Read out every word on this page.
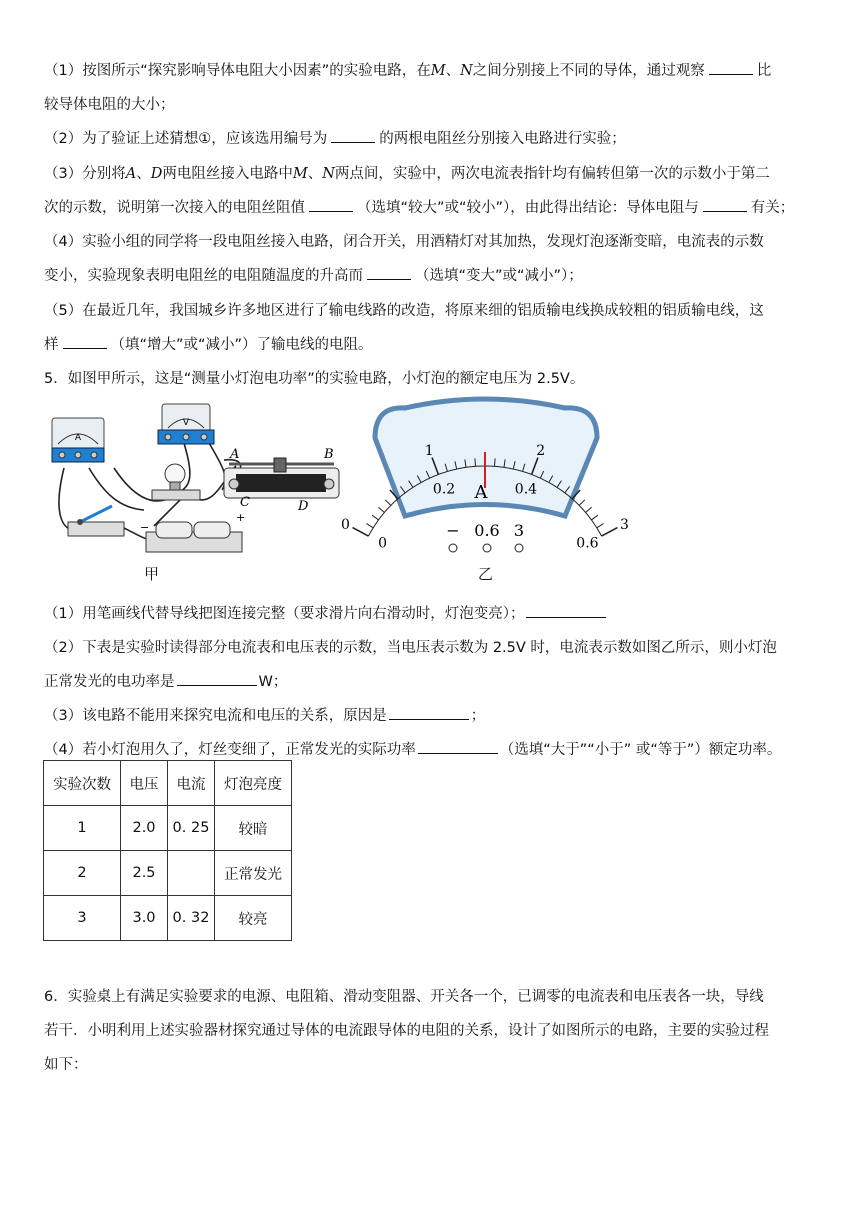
（1）按图所示“探究影响导体电阻大小因素”的实验电路，在M、N之间分别接上不同的导体，通过观察	比

较导体电阻的大小；

（2）为了验证上述猜想①，应该选用编号为	的两根电阻丝分别接入电路进行实验；

（3）分别将A、D两电阻丝接入电路中M、N两点间，实验中，两次电流表指针均有偏转但第一次的示数小于第二

次的示数，说明第一次接入的电阻丝阻值	（选填“较大”或“较小”），由此得出结论：导体电阻与	有关；

（4）实验小组的同学将一段电阻丝接入电路，闭合开关，用酒精灯对其加热，发现灯泡逐渐变暗，电流表的示数

变小，实验现象表明电阻丝的电阻随温度的升高而	（选填“变大”或“减小”）；

（5）在最近几年，我国城乡许多地区进行了输电线路的改造，将原来细的铝质输电线换成较粗的铝质输电线，这

样	（填“增大”或“减小”）了输电线的电阻。

5．如图甲所示，这是“测量小灯泡电功率”的实验电路，小灯泡的额定电压为 2.5V。

A
V
A	B
C	D
−
+
甲
A
0
1	2
3
0
0.2	0.4
0.6
− 0.6 3
乙

（1）用笔画线代替导线把图连接完整（要求滑片向右滑动时，灯泡变亮）；

（2）下表是实验时读得部分电流表和电压表的示数，当电压表示数为 2.5V 时，电流表示数如图乙所示，则小灯泡

正常发光的电功率是	W；

（3）该电路不能用来探究电流和电压的关系，原因是	；

（4）若小灯泡用久了，灯丝变细了，正常发光的实际功率	（选填“大于”“小于” 或“等于”）额定功率。

实验次数	电压	电流	灯泡亮度
1	2.0	0. 25	较暗
2	2.5		正常发光
3	3.0	0. 32	较亮

6．实验桌上有满足实验要求的电源、电阻箱、滑动变阻器、开关各一个，已调零的电流表和电压表各一块，导线

若干．小明利用上述实验器材探究通过导体的电流跟导体的电阻的关系，设计了如图所示的电路，主要的实验过程

如下：
